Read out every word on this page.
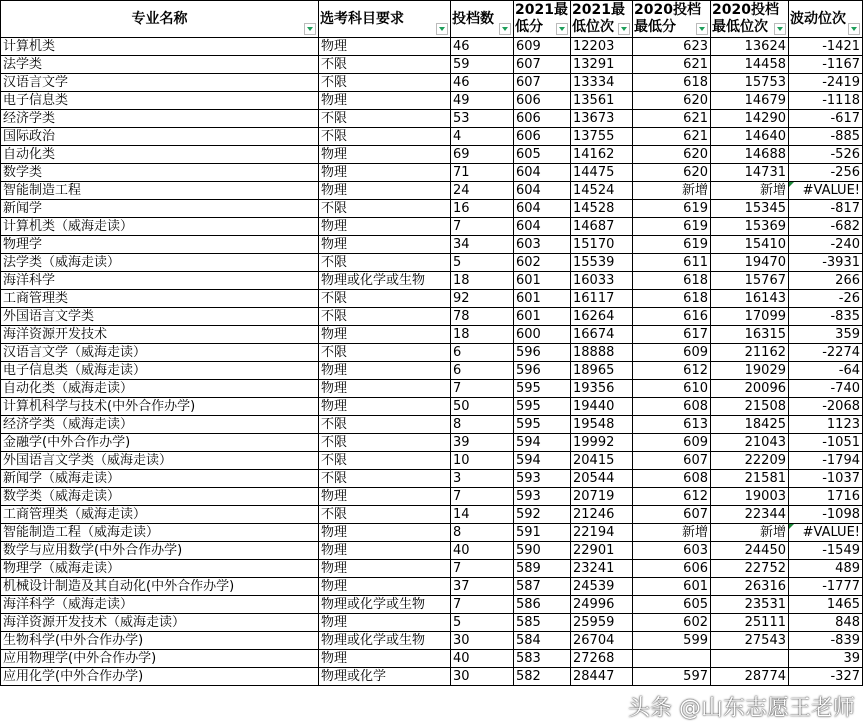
专业名称	选考科目要求	投档数	2021最低分	2021最低位次	2020投档最低分	2020投档最低位次	波动位次

计算机类	物理	46	609	12203	623	13624	-1421
法学类	不限	59	607	13291	621	14458	-1167
汉语言文学	不限	46	607	13334	618	15753	-2419
电子信息类	物理	49	606	13561	620	14679	-1118
经济学类	不限	53	606	13673	621	14290	-617
国际政治	不限	4	606	13755	621	14640	-885
自动化类	物理	69	605	14162	620	14688	-526
数学类	物理	71	604	14475	620	14731	-256
智能制造工程	物理	24	604	14524	新增	新增	#VALUE!
新闻学	不限	16	604	14528	619	15345	-817
计算机类（威海走读）	物理	7	604	14687	619	15369	-682
物理学	物理	34	603	15170	619	15410	-240
法学类（威海走读）	不限	5	602	15539	611	19470	-3931
海洋科学	物理或化学或生物	18	601	16033	618	15767	266
工商管理类	不限	92	601	16117	618	16143	-26
外国语言文学类	不限	78	601	16264	616	17099	-835
海洋资源开发技术	物理	18	600	16674	617	16315	359
汉语言文学（威海走读）	不限	6	596	18888	609	21162	-2274
电子信息类（威海走读）	物理	6	596	18965	612	19029	-64
自动化类（威海走读）	物理	7	595	19356	610	20096	-740
计算机科学与技术(中外合作办学)	物理	50	595	19440	608	21508	-2068
经济学类（威海走读）	不限	8	595	19548	613	18425	1123
金融学(中外合作办学)	不限	39	594	19992	609	21043	-1051
外国语言文学类（威海走读）	不限	10	594	20415	607	22209	-1794
新闻学（威海走读）	不限	3	593	20544	608	21581	-1037
数学类（威海走读）	物理	7	593	20719	612	19003	1716
工商管理类（威海走读）	不限	14	592	21246	607	22344	-1098
智能制造工程（威海走读）	物理	8	591	22194	新增	新增	#VALUE!
数学与应用数学(中外合作办学)	物理	40	590	22901	603	24450	-1549
物理学（威海走读）	物理	7	589	23241	606	22752	489
机械设计制造及其自动化(中外合作办学)	物理	37	587	24539	601	26316	-1777
海洋科学（威海走读）	物理或化学或生物	7	586	24996	605	23531	1465
海洋资源开发技术（威海走读）	物理	5	585	25959	602	25111	848
生物科学(中外合作办学)	物理或化学或生物	30	584	26704	599	27543	-839
应用物理学(中外合作办学)	物理	40	583	27268			39
应用化学(中外合作办学)	物理或化学	30	582	28447	597	28774	-327
头条 @山东志愿王老师
